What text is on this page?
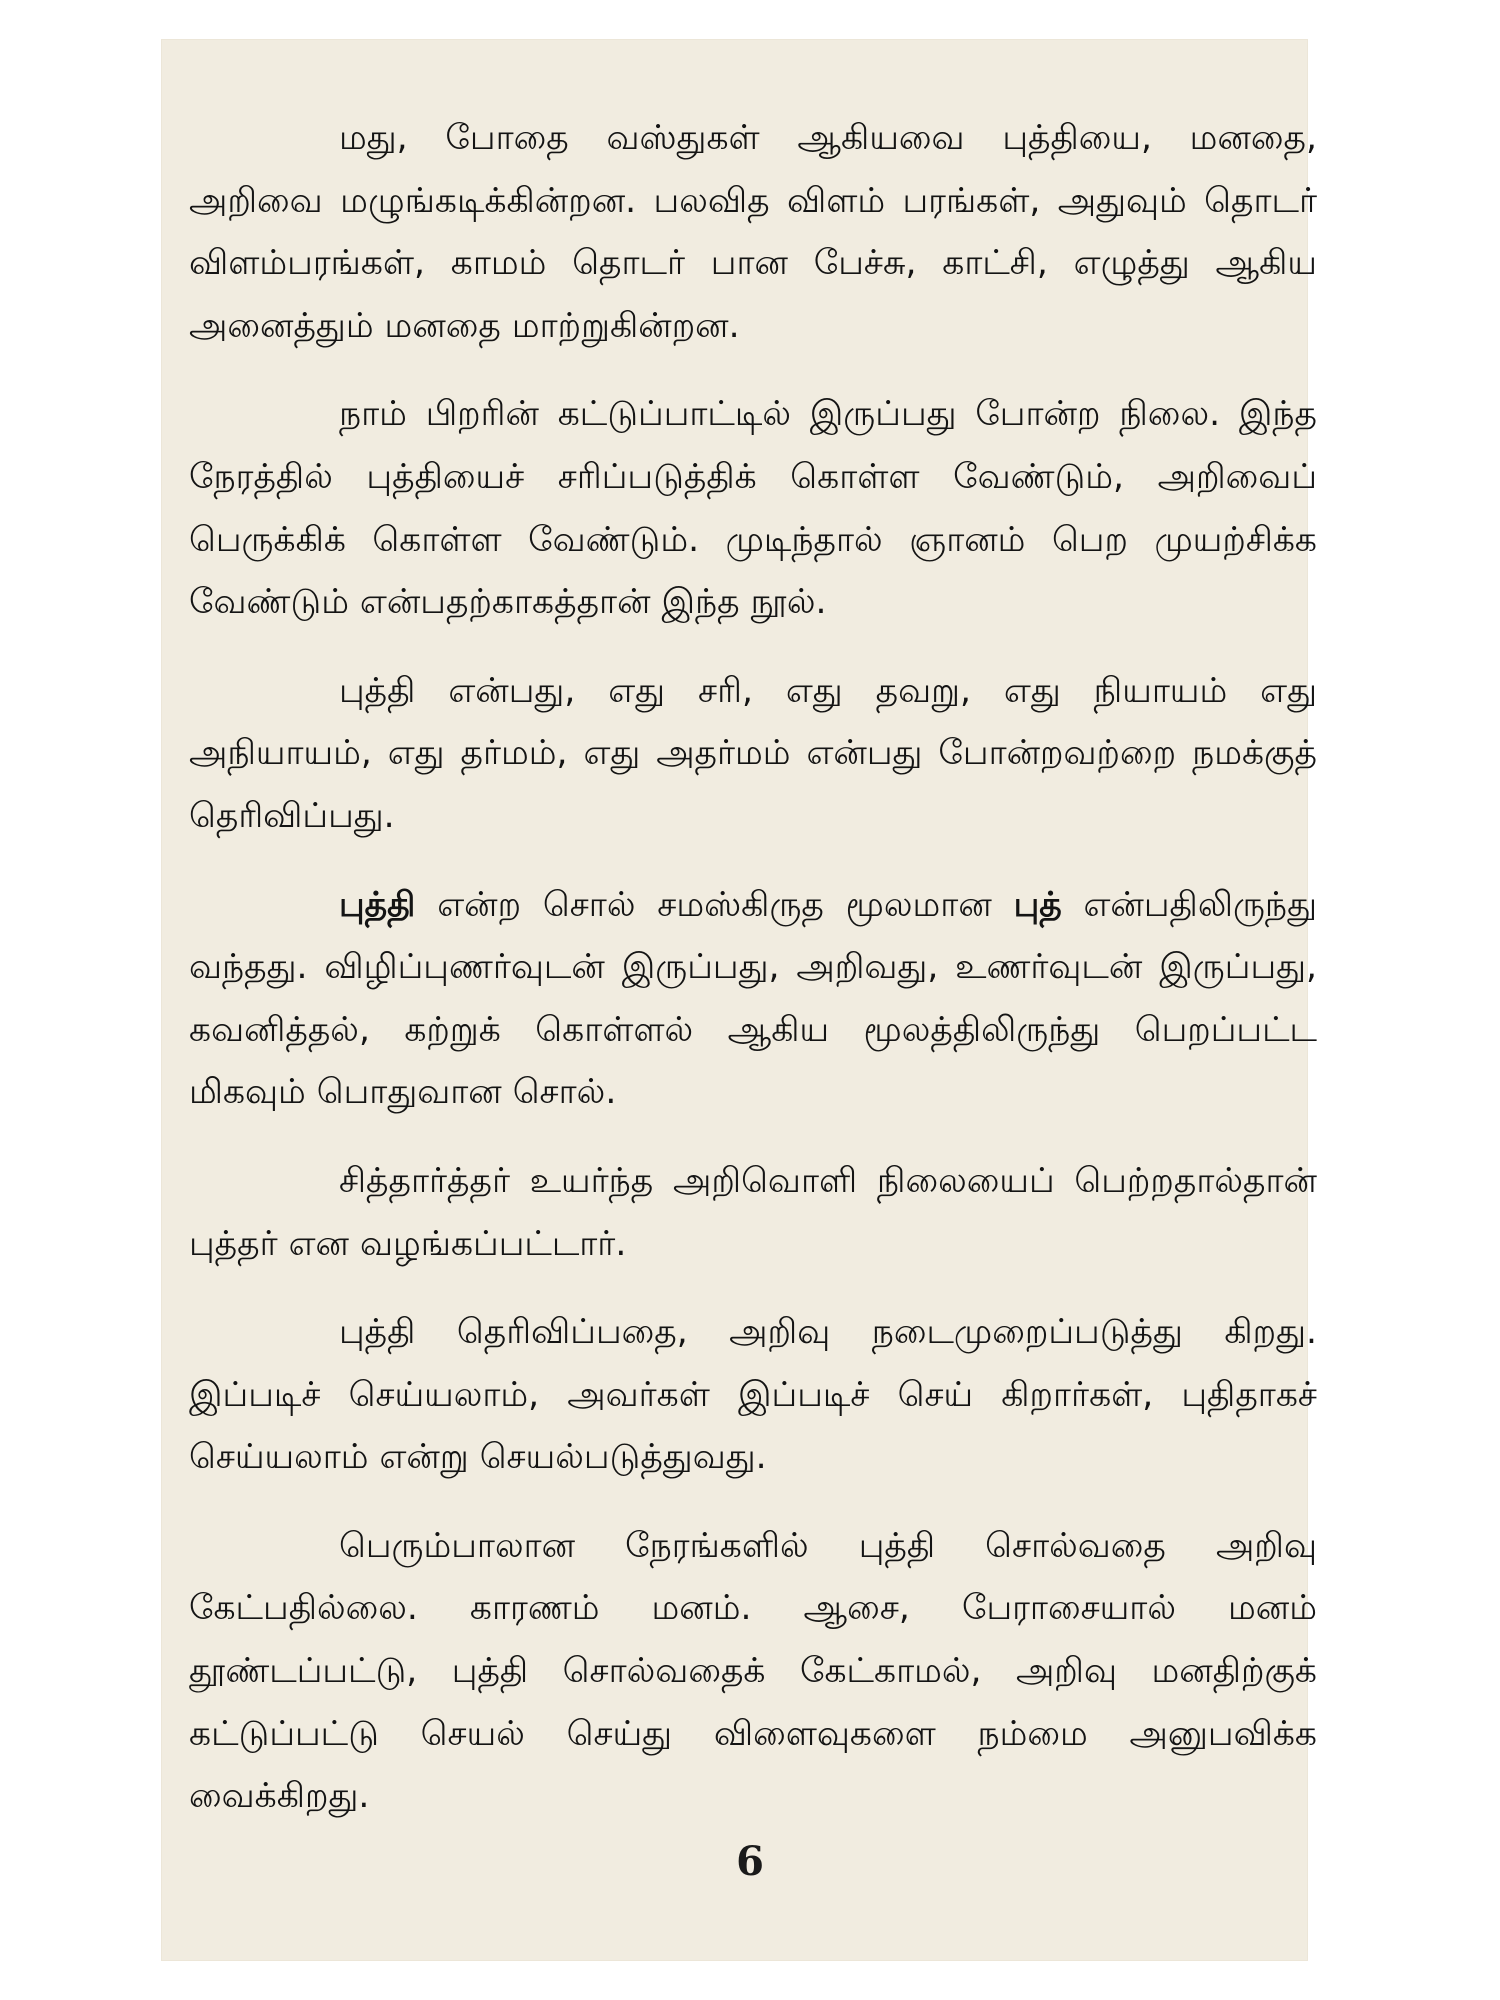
மது, போதை வஸ்துகள் ஆகியவை புத்தியை, மனதை, அறிவை மழுங்கடிக்கின்றன. பலவித விளம் பரங்கள், அதுவும் தொடர் விளம்பரங்கள், காமம் தொடர் பான பேச்சு, காட்சி, எழுத்து ஆகிய அனைத்தும் மனதை மாற்றுகின்றன.

நாம் பிறரின் கட்டுப்பாட்டில் இருப்பது போன்ற நிலை. இந்த நேரத்தில் புத்தியைச் சரிப்படுத்திக் கொள்ள வேண்டும், அறிவைப் பெருக்கிக் கொள்ள வேண்டும். முடிந்தால் ஞானம் பெற முயற்சிக்க வேண்டும் என்பதற்காகத்தான் இந்த நூல்.

புத்தி என்பது, எது சரி, எது தவறு, எது நியாயம் எது அநியாயம், எது தர்மம், எது அதர்மம் என்பது போன்றவற்றை நமக்குத் தெரிவிப்பது.

புத்தி என்ற சொல் சமஸ்கிருத மூலமான புத் என்பதிலிருந்து வந்தது. விழிப்புணர்வுடன் இருப்பது, அறிவது, உணர்வுடன் இருப்பது, கவனித்தல், கற்றுக் கொள்ளல் ஆகிய மூலத்திலிருந்து பெறப்பட்ட மிகவும் பொதுவான சொல்.

சித்தார்த்தர் உயர்ந்த அறிவொளி நிலையைப் பெற்றதால்தான் புத்தர் என வழங்கப்பட்டார்.

புத்தி தெரிவிப்பதை, அறிவு நடைமுறைப்படுத்து கிறது. இப்படிச் செய்யலாம், அவர்கள் இப்படிச் செய் கிறார்கள், புதிதாகச் செய்யலாம் என்று செயல்படுத்துவது.

பெரும்பாலான நேரங்களில் புத்தி சொல்வதை அறிவு கேட்பதில்லை. காரணம் மனம். ஆசை, பேராசையால் மனம் தூண்டப்பட்டு, புத்தி சொல்வதைக் கேட்காமல், அறிவு மனதிற்குக் கட்டுப்பட்டு செயல் செய்து விளைவுகளை நம்மை அனுபவிக்க வைக்கிறது.

6
